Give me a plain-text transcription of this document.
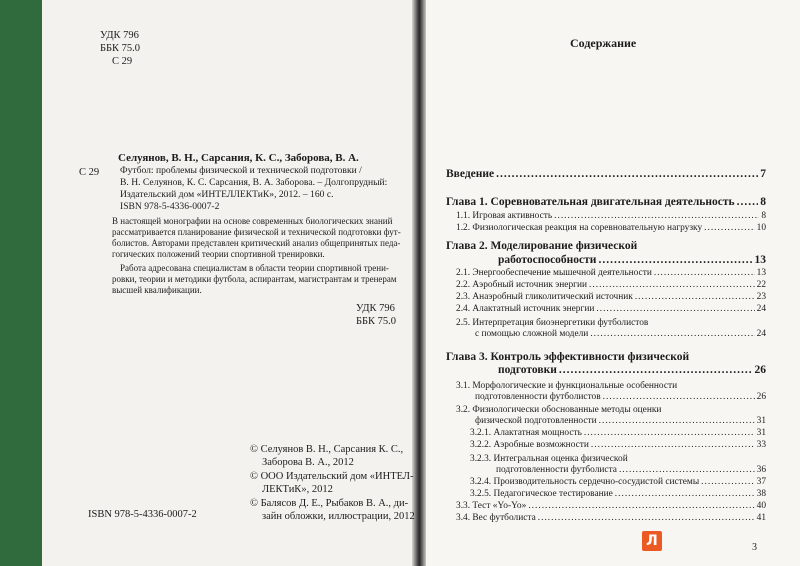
УДК 796
ББК 75.0
С 29
С 29
Селуянов, В. Н., Сарсания, К. С., Заборова, В. А.
Футбол: проблемы физической и технической подготовки /
В. Н. Селуянов, К. С. Сарсания, В. А. Заборова. – Долгопрудный:
Издательский дом «ИНТЕЛЛЕКТиК», 2012. – 160 с.
ISBN 978-5-4336-0007-2
В настоящей монографии на основе современных биологических знаний
рассматривается планирование физической и технической подготовки фут-
болистов. Авторами представлен критический анализ общепринятых педа-
гогических положений теории спортивной тренировки.
Работа адресована специалистам в области теории спортивной трени-
ровки, теории и методики футбола, аспирантам, магистрантам и тренерам
высшей квалификации.
УДК 796
ББК 75.0
© Селуянов В. Н., Сарсания К. С.,
Заборова В. А., 2012
© ООО Издательский дом «ИНТЕЛ-
ЛЕКТиК», 2012
© Балясов Д. Е., Рыбаков В. А., ди-
зайн обложки, иллюстрации, 2012
ISBN 978-5-4336-0007-2
Содержание
Введение .....	7
Глава 1. Соревновательная двигательная деятельность ..... 8
1.1. Игровая активность .....	8
1.2. Физиологическая реакция на соревновательную нагрузку .....	10
Глава 2. Моделирование физической
работоспособности .....	13
2.1. Энергообеспечение мышечной деятельности .....	13
2.2. Аэробный источник энергии .....	22
2.3. Анаэробный гликолитический источник .....	23
2.4. Алактатный источник энергии .....	24
2.5. Интерпретация биоэнергетики футболистов
с помощью сложной модели .....	24
Глава 3. Контроль эффективности физической
подготовки .....	26
3.1. Морфологические и функциональные особенности
подготовленности футболистов .....	26
3.2. Физиологически обоснованные методы оценки
физической подготовленности .....	31
3.2.1. Алактатная мощность .....	31
3.2.2. Аэробные возможности .....	33
3.2.3. Интегральная оценка физической
подготовленности футболиста .....	36
3.2.4. Производительность сердечно-сосудистой системы .....	37
3.2.5. Педагогическое тестирование .....	38
3.3. Тест «Yo-Yo» .....	40
3.4. Вес футболиста .....	41
Л	3
